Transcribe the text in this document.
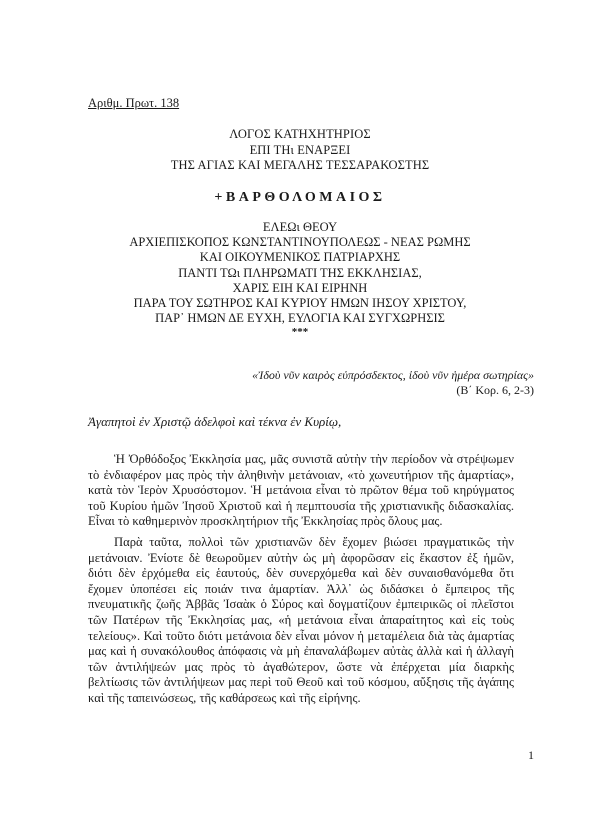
Αριθμ. Πρωτ. 138
ΛΟΓΟΣ ΚΑΤΗΧΗΤΗΡΙΟΣ
ΕΠΙ ΤΗι ΕΝΑΡΞΕΙ
ΤΗΣ ΑΓΙΑΣ ΚΑΙ ΜΕΓΑΛΗΣ ΤΕΣΣΑΡΑΚΟΣΤΗΣ
+ΒΑΡΘΟΛΟΜΑΙΟΣ
ΕΛΕΩι ΘΕΟΥ
ΑΡΧΙΕΠΙΣΚΟΠΟΣ ΚΩΝΣΤΑΝΤΙΝΟΥΠΟΛΕΩΣ - ΝΕΑΣ ΡΩΜΗΣ
ΚΑΙ ΟΙΚΟΥΜΕΝΙΚΟΣ ΠΑΤΡΙΑΡΧΗΣ
ΠΑΝΤΙ ΤΩι ΠΛΗΡΩΜΑΤΙ ΤΗΣ ΕΚΚΛΗΣΙΑΣ,
ΧΑΡΙΣ ΕΙΗ ΚΑΙ ΕΙΡΗΝΗ
ΠΑΡΑ ΤΟΥ ΣΩΤΗΡΟΣ ΚΑΙ ΚΥΡΙΟΥ ΗΜΩΝ ΙΗΣΟΥ ΧΡΙΣΤΟΥ,
ΠΑΡ᾽ ΗΜΩΝ ΔΕ ΕΥΧΗ, ΕΥΛΟΓΙΑ ΚΑΙ ΣΥΓΧΩΡΗΣΙΣ
***
«Ἰδοὺ νῦν καιρὸς εὐπρόσδεκτος, ἰδοὺ νῦν ἡμέρα σωτηρίας»
(Β΄ Κορ. 6, 2-3)
Ἀγαπητοὶ ἐν Χριστῷ ἀδελφοὶ καὶ τέκνα ἐν Κυρίῳ,

Ἡ Ὀρθόδοξος Ἐκκλησία μας, μᾶς συνιστᾶ αὐτὴν τὴν περίοδον νὰ στρέψωμεν τὸ ἐνδιαφέρον μας πρὸς τὴν ἀληθινὴν μετάνοιαν, «τὸ χωνευτήριον τῆς ἁμαρτίας», κατὰ τὸν Ἱερὸν Χρυσόστομον. Ἡ μετάνοια εἶναι τὸ πρῶτον θέμα τοῦ κηρύγματος τοῦ Κυρίου ἡμῶν Ἰησοῦ Χριστοῦ καὶ ἡ πεμπτουσία τῆς χριστιανικῆς διδασκαλίας. Εἶναι τὸ καθημερινὸν προσκλητήριον τῆς Ἐκκλησίας πρὸς ὅλους μας.

Παρὰ ταῦτα, πολλοὶ τῶν χριστιανῶν δὲν ἔχομεν βιώσει πραγματικῶς τὴν μετάνοιαν. Ἐνίοτε δὲ θεωροῦμεν αὐτὴν ὡς μὴ ἀφορῶσαν εἰς ἕκαστον ἐξ ἡμῶν, διότι δὲν ἐρχόμεθα εἰς ἑαυτούς, δὲν συνερχόμεθα καὶ δὲν συναισθανόμεθα ὅτι ἔχομεν ὑποπέσει εἰς ποιάν τινα ἁμαρτίαν. Ἀλλ᾽ ὡς διδάσκει ὁ ἔμπειρος τῆς πνευματικῆς ζωῆς Ἀββᾶς Ἰσαὰκ ὁ Σύρος καὶ δογματίζουν ἐμπειρικῶς οἱ πλεῖστοι τῶν Πατέρων τῆς Ἐκκλησίας μας, «ἡ μετάνοια εἶναι ἀπαραίτητος καὶ εἰς τοὺς τελείους». Καὶ τοῦτο διότι μετάνοια δὲν εἶναι μόνον ἡ μεταμέλεια διὰ τὰς ἁμαρτίας μας καὶ ἡ συνακόλουθος ἀπόφασις νὰ μὴ ἐπαναλάβωμεν αὐτὰς ἀλλὰ καὶ ἡ ἀλλαγὴ τῶν ἀντιλήψεών μας πρὸς τὸ ἀγαθώτερον, ὥστε νὰ ἐπέρχεται μία διαρκὴς βελτίωσις τῶν ἀντιλήψεων μας περὶ τοῦ Θεοῦ καὶ τοῦ κόσμου, αὔξησις τῆς ἀγάπης καὶ τῆς ταπεινώσεως, τῆς καθάρσεως καὶ τῆς εἰρήνης.

1
